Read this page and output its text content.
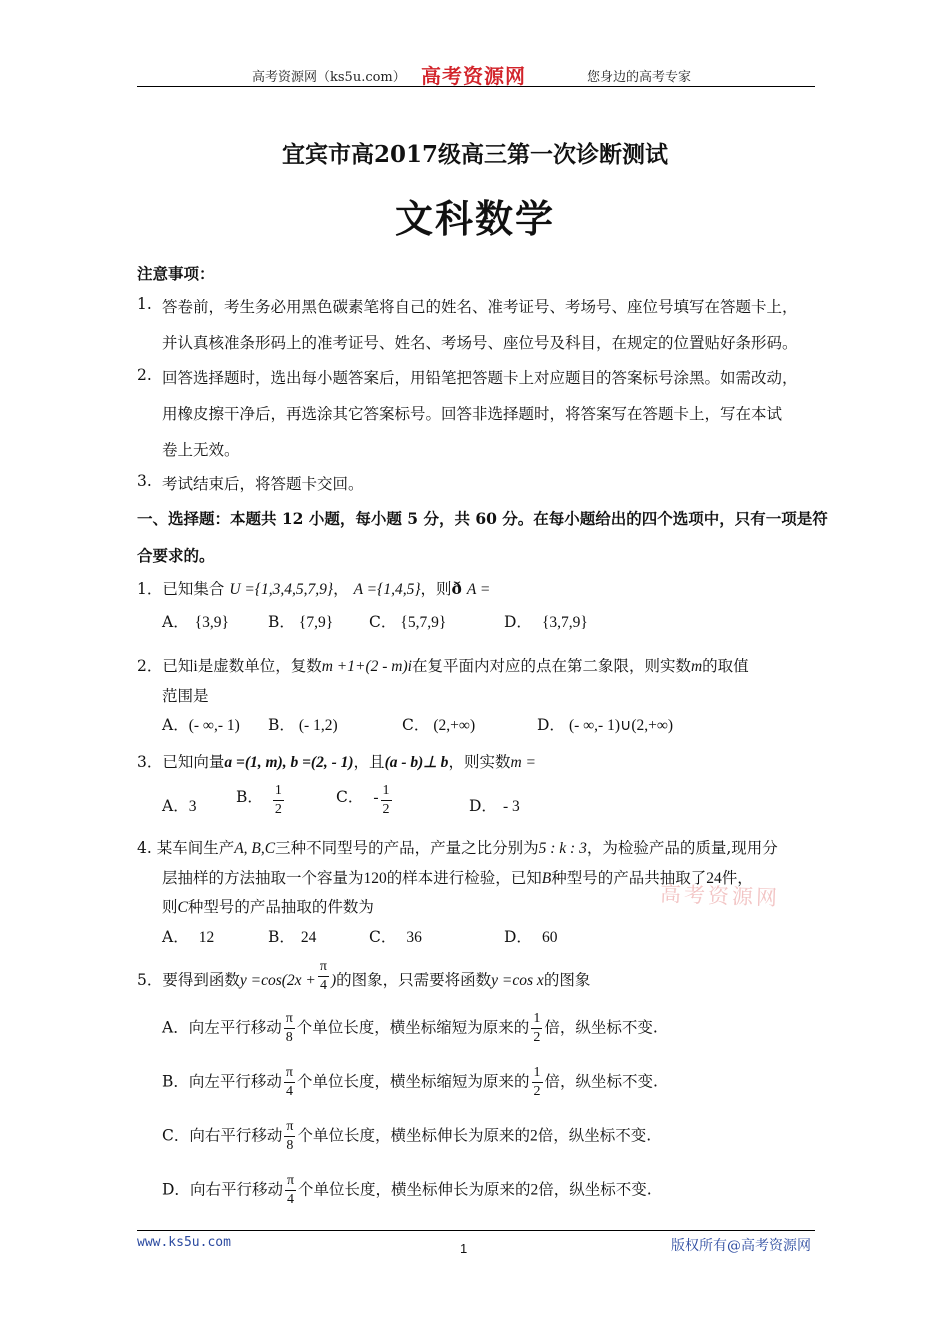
高考资源网（ks5u.com） 高考资源网	您身边的高考专家
宜宾市高2017级高三第一次诊断测试
文科数学
注意事项：
1. 答卷前，考生务必用黑色碳素笔将自己的姓名、准考证号、考场号、座位号填写在答题卡上，
并认真核准条形码上的准考证号、姓名、考场号、座位号及科目，在规定的位置贴好条形码。
2. 回答选择题时，选出每小题答案后，用铅笔把答题卡上对应题目的答案标号涂黑。如需改动，
用橡皮擦干净后，再选涂其它答案标号。回答非选择题时，将答案写在答题卡上，写在本试
卷上无效。
3. 考试结束后，将答题卡交回。
一、选择题：本题共 12 小题，每小题 5 分，共 60 分。在每小题给出的四个选项中，只有一项是符
合要求的。
1．已知集合 U ={1,3,4,5,7,9}， A ={1,4,5}，则ð A =
A． {3,9}	B． {7,9} C． {5,7,9}	D． {3,7,9}
2．已知i是虚数单位，复数m +1+(2 - m)i在复平面内对应的点在第二象限，则实数m的取值
范围是
A．(- ∞,- 1) B． (- 1,2)	C． (2,+∞)	D． (- ∞,- 1)∪(2,+∞)
3．已知向量a =(1, m), b =(2, - 1)，且(a - b)⊥ b，则实数m =
A．3
B． $\frac{1}{2}$	C． - $\frac{1}{2}$	D． - 3
4. 某车间生产A, B,C三种不同型号的产品，产量之比分别为5 : k : 3，为检验产品的质量,现用分
层抽样的方法抽取一个容量为120的样本进行检验，已知B种型号的产品共抽取了24件，
则C种型号的产品抽取的件数为
A． 12	B． 24	C． 36	D． 60
高考资源网
5．要得到函数$y =\cos(2x + \frac{\pi}{4}$ )的图象，只需要将函数y =cos x的图象
A．向左平行移动 $\frac{\pi}{8}$ 个单位长度，横坐标缩短为原来的 $\frac{1}{2}$ 倍，纵坐标不变.
B．向左平行移动 $\frac{\pi}{4}$ 个单位长度，横坐标缩短为原来的 $\frac{1}{2}$ 倍，纵坐标不变.
C．向右平行移动 $\frac{\pi}{8}$ 个单位长度，横坐标伸长为原来的2倍，纵坐标不变.
D．向右平行移动 $\frac{\pi}{4}$ 个单位长度，横坐标伸长为原来的2倍，纵坐标不变.
www.ks5u.com	1	版权所有@高考资源网
